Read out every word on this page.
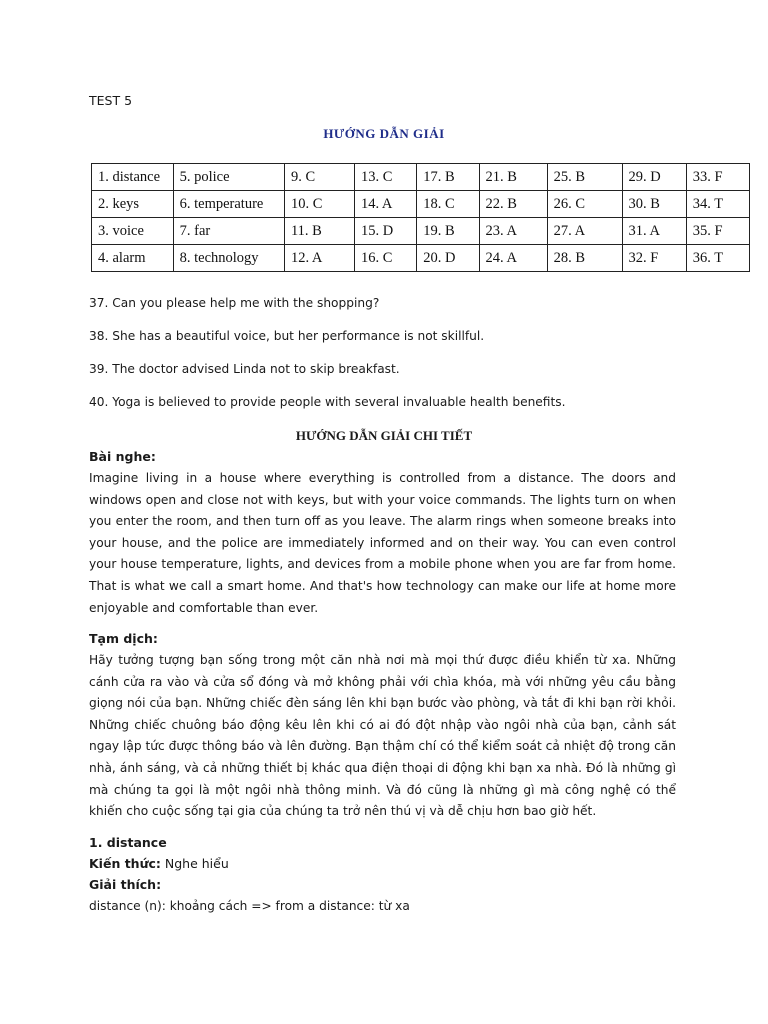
TEST 5
HƯỚNG DẪN GIẢI
1. distance	5. police	9. C	13. C	17. B	21. B	25. B	29. D	33. F
2. keys	6. temperature	10. C	14. A	18. C	22. B	26. C	30. B	34. T
3. voice	7. far	11. B	15. D	19. B	23. A	27. A	31. A	35. F
4. alarm	8. technology	12. A	16. C	20. D	24. A	28. B	32. F	36. T
37. Can you please help me with the shopping?
38. She has a beautiful voice, but her performance is not skillful.
39. The doctor advised Linda not to skip breakfast.
40. Yoga is believed to provide people with several invaluable health benefits.
HƯỚNG DẪN GIẢI CHI TIẾT
Bài nghe:

Imagine living in a house where everything is controlled from a distance. The doors and windows open and close not with keys, but with your voice commands. The lights turn on when you enter the room, and then turn off as you leave. The alarm rings when someone breaks into your house, and the police are immediately informed and on their way. You can even control your house temperature, lights, and devices from a mobile phone when you are far from home. That is what we call a smart home. And that's how technology can make our life at home more enjoyable and comfortable than ever.

Tạm dịch:

Hãy tưởng tượng bạn sống trong một căn nhà nơi mà mọi thứ được điều khiển từ xa. Những cánh cửa ra vào và cửa sổ đóng và mở không phải với chìa khóa, mà với những yêu cầu bằng giọng nói của bạn. Những chiếc đèn sáng lên khi bạn bước vào phòng, và tắt đi khi bạn rời khỏi. Những chiếc chuông báo động kêu lên khi có ai đó đột nhập vào ngôi nhà của bạn, cảnh sát ngay lập tức được thông báo và lên đường. Bạn thậm chí có thể kiểm soát cả nhiệt độ trong căn nhà, ánh sáng, và cả những thiết bị khác qua điện thoại di động khi bạn xa nhà. Đó là những gì mà chúng ta gọi là một ngôi nhà thông minh. Và đó cũng là những gì mà công nghệ có thể khiến cho cuộc sống tại gia của chúng ta trở nên thú vị và dễ chịu hơn bao giờ hết.

1. distance
Kiến thức: Nghe hiểu
Giải thích:
distance (n): khoảng cách => from a distance: từ xa
